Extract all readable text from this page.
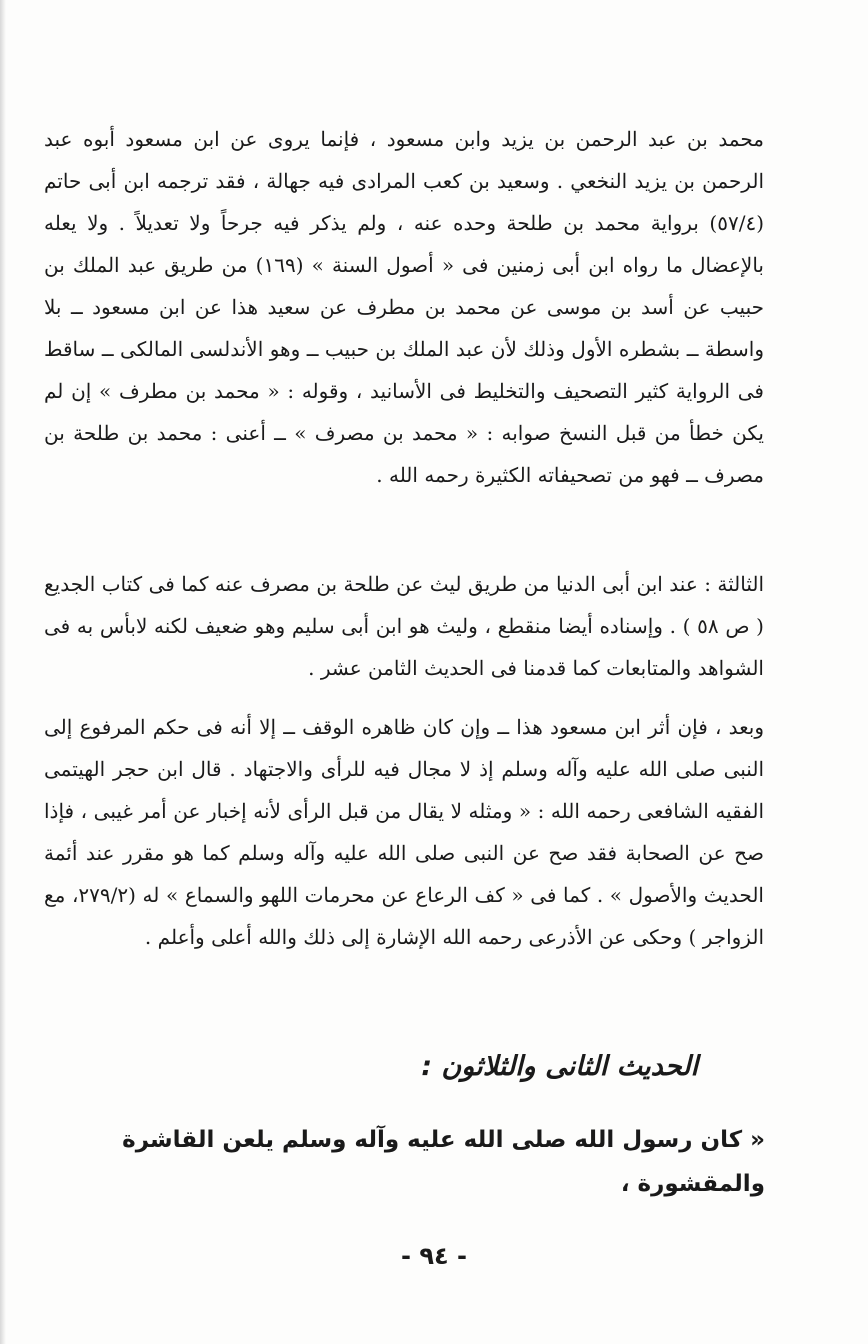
محمد بن عبد الرحمن بن يزيد وابن مسعود ، فإنما يروى عن ابن مسعود أبوه عبد الرحمن بن يزيد النخعي . وسعيد بن كعب المرادى فيه جهالة ، فقد ترجمه ابن أبى حاتم (٥٧/٤) برواية محمد بن طلحة وحده عنه ، ولم يذكر فيه جرحاً ولا تعديلاً . ولا يعله بالإعضال ما رواه ابن أبى زمنين فى « أصول السنة » (١٦٩) من طريق عبد الملك بن حبيب عن أسد بن موسى عن محمد بن مطرف عن سعيد هذا عن ابن مسعود ــ بلا واسطة ــ بشطره الأول وذلك لأن عبد الملك بن حبيب ــ وهو الأندلسى المالكى ــ ساقط فى الرواية كثير التصحيف والتخليط فى الأسانيد ، وقوله : « محمد بن مطرف » إن لم يكن خطأ من قبل النسخ صوابه : « محمد بن مصرف » ــ أعنى : محمد بن طلحة بن مصرف ــ فهو من تصحيفاته الكثيرة رحمه الله .

الثالثة : عند ابن أبى الدنيا من طريق ليث عن طلحة بن مصرف عنه كما فى كتاب الجديع ( ص ٥٨ ) . وإسناده أيضا منقطع ، وليث هو ابن أبى سليم وهو ضعيف لكنه لابأس به فى الشواهد والمتابعات كما قدمنا فى الحديث الثامن عشر .

وبعد ، فإن أثر ابن مسعود هذا ــ وإن كان ظاهره الوقف ــ إلا أنه فى حكم المرفوع إلى النبى صلى الله عليه وآله وسلم إذ لا مجال فيه للرأى والاجتهاد . قال ابن حجر الهيتمى الفقيه الشافعى رحمه الله : « ومثله لا يقال من قبل الرأى لأنه إخبار عن أمر غيبى ، فإذا صح عن الصحابة فقد صح عن النبى صلى الله عليه وآله وسلم كما هو مقرر عند أئمة الحديث والأصول » . كما فى « كف الرعاع عن محرمات اللهو والسماع » له (٢٧٩/٢، مع الزواجر ) وحكى عن الأذرعى رحمه الله الإشارة إلى ذلك والله أعلى وأعلم .

الحديث الثانى والثلاثون :

« كان رسول الله صلى الله عليه وآله وسلم يلعن القاشرة والمقشورة ،

- ٩٤ -
